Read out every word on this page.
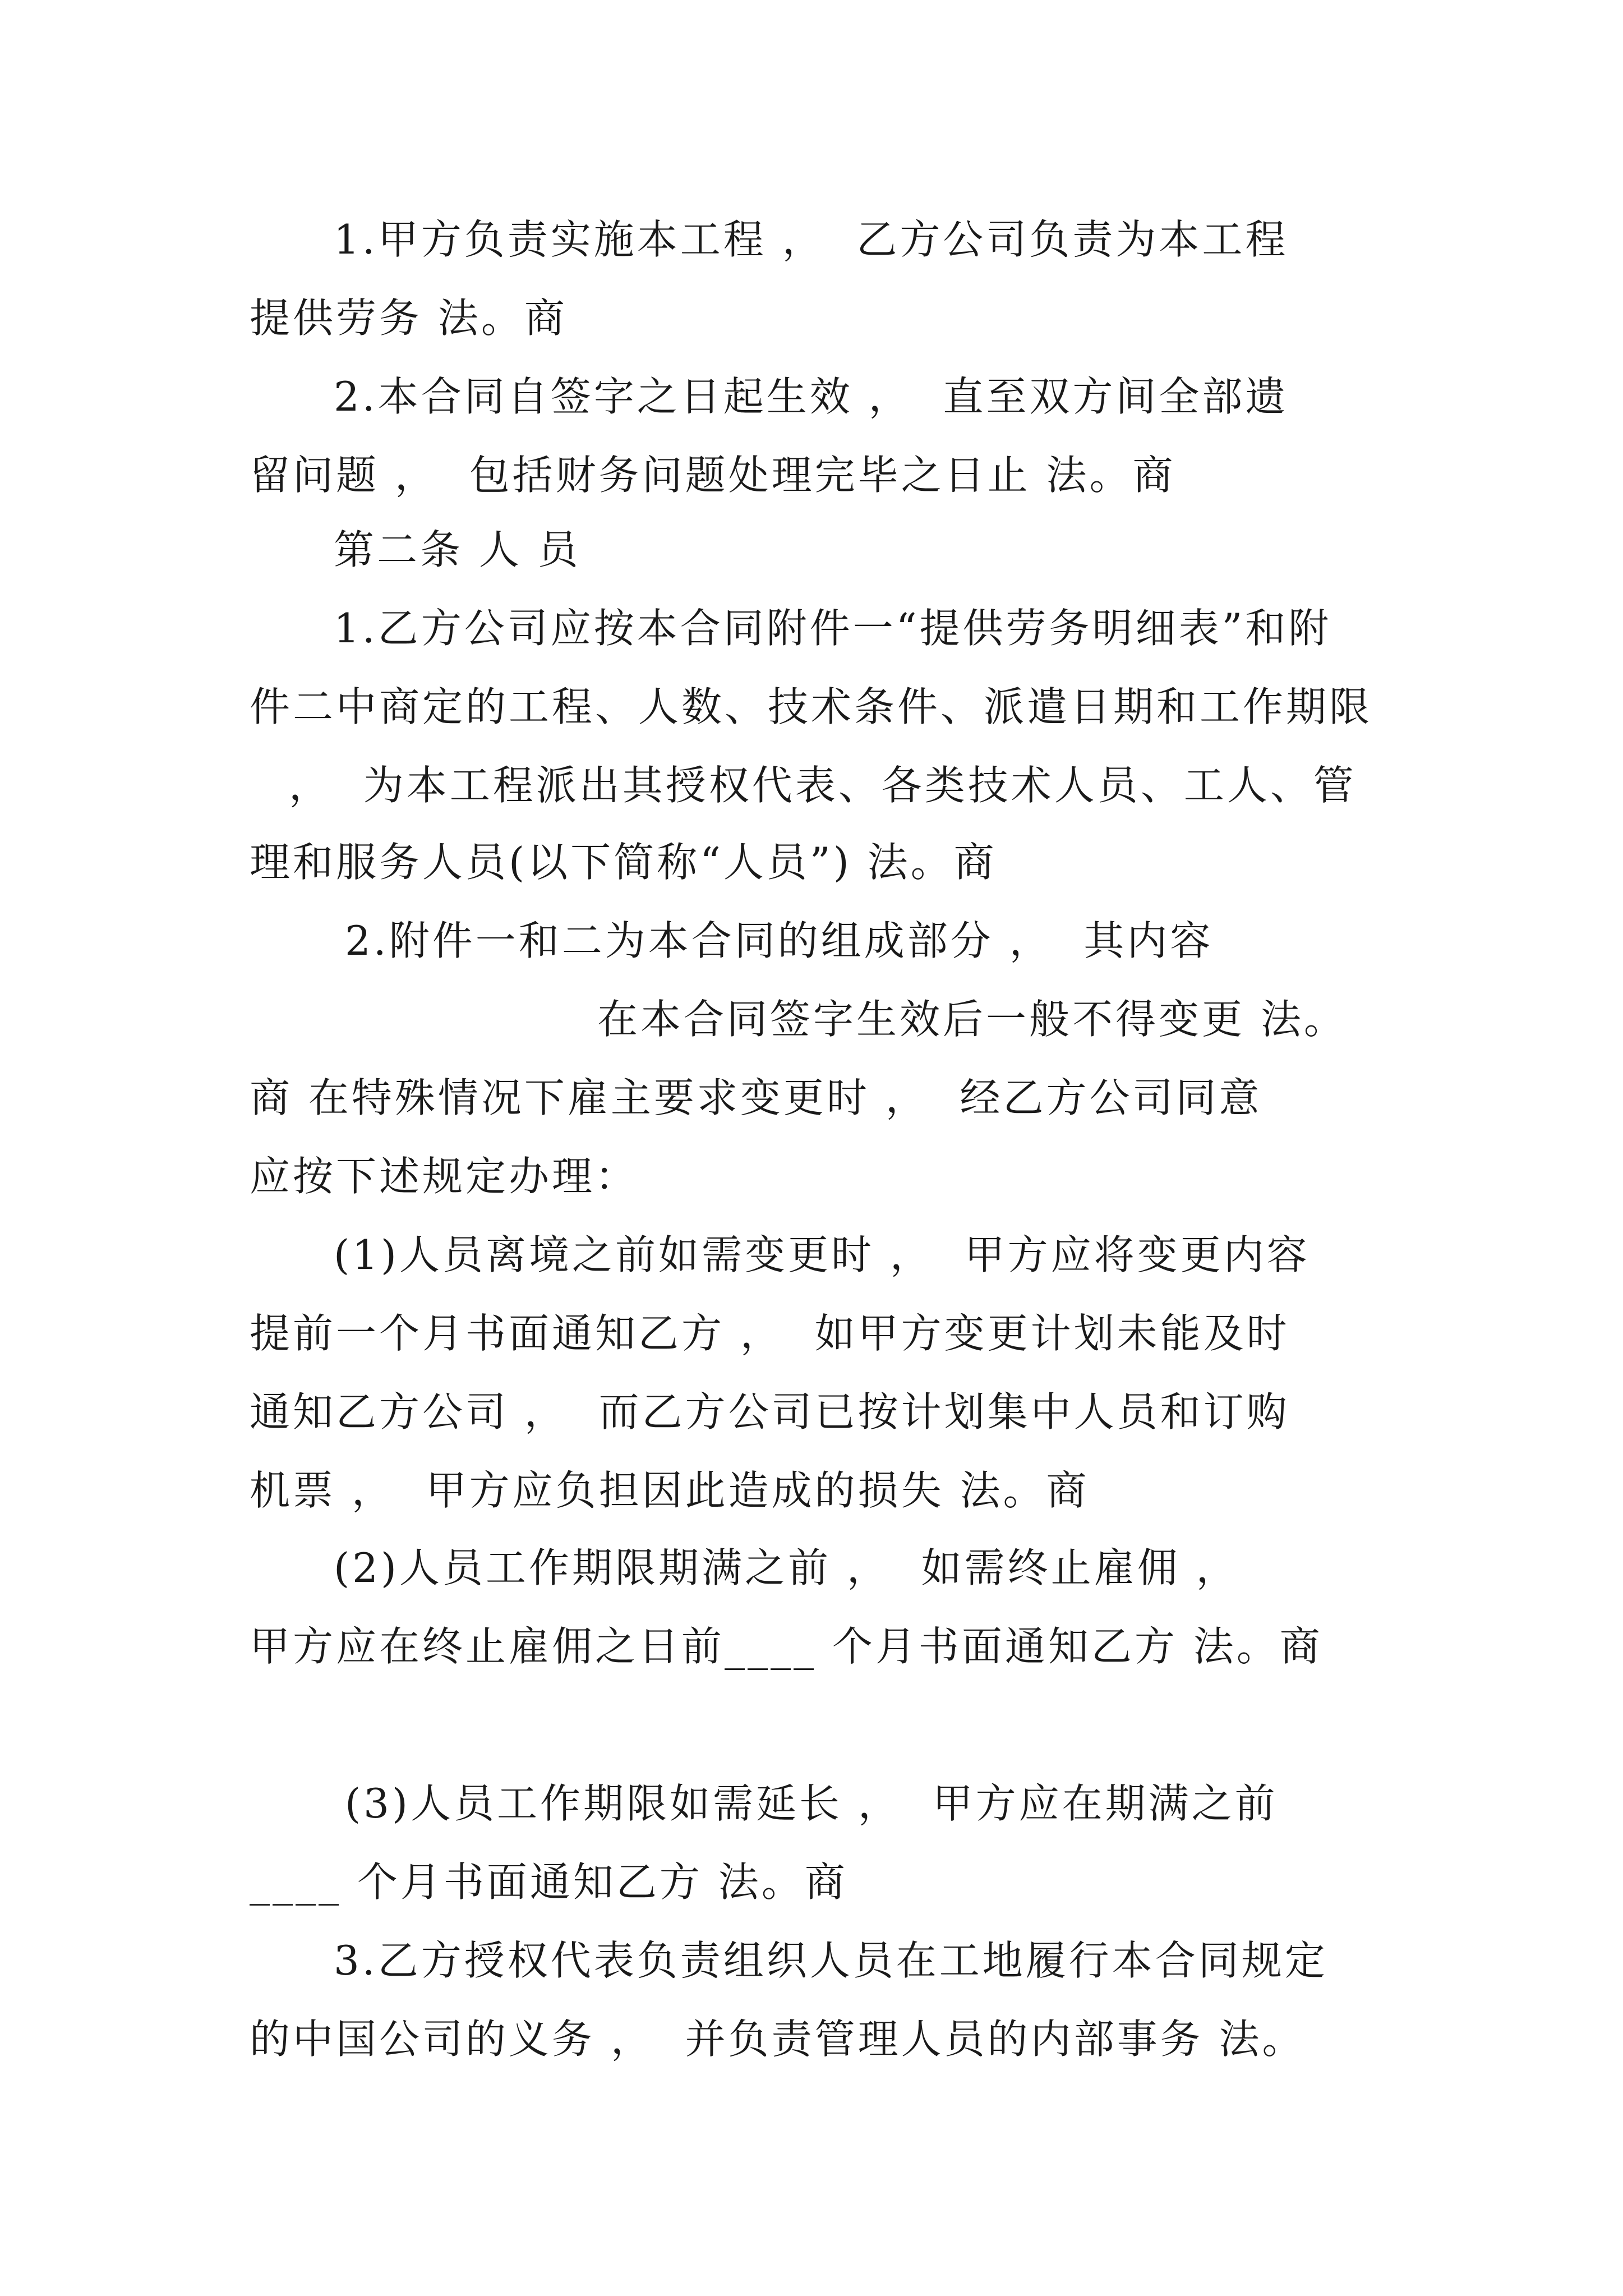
1.甲方负责实施本工程 ，  乙方公司负责为本工程
提供劳务 法。商
2.本合同自签字之日起生效 ，  直至双方间全部遗
留问题 ，  包括财务问题处理完毕之日止 法。商
第二条 人 员
1.乙方公司应按本合同附件一“提供劳务明细表”和附
件二中商定的工程、人数、技术条件、派遣日期和工作期限
，  为本工程派出其授权代表、各类技术人员、工人、管
理和服务人员(以下简称“人员”) 法。商
2.附件一和二为本合同的组成部分 ，  其内容
在本合同签字生效后一般不得变更 法。
商 在特殊情况下雇主要求变更时 ，  经乙方公司同意
应按下述规定办理：
(1)人员离境之前如需变更时 ，  甲方应将变更内容
提前一个月书面通知乙方 ，  如甲方变更计划未能及时
通知乙方公司 ，  而乙方公司已按计划集中人员和订购
机票 ，  甲方应负担因此造成的损失 法。商
(2)人员工作期限期满之前 ，  如需终止雇佣 ，
甲方应在终止雇佣之日前____ 个月书面通知乙方 法。商
(3)人员工作期限如需延长 ，  甲方应在期满之前
____ 个月书面通知乙方 法。商
3.乙方授权代表负责组织人员在工地履行本合同规定
的中国公司的义务 ，  并负责管理人员的内部事务 法。
